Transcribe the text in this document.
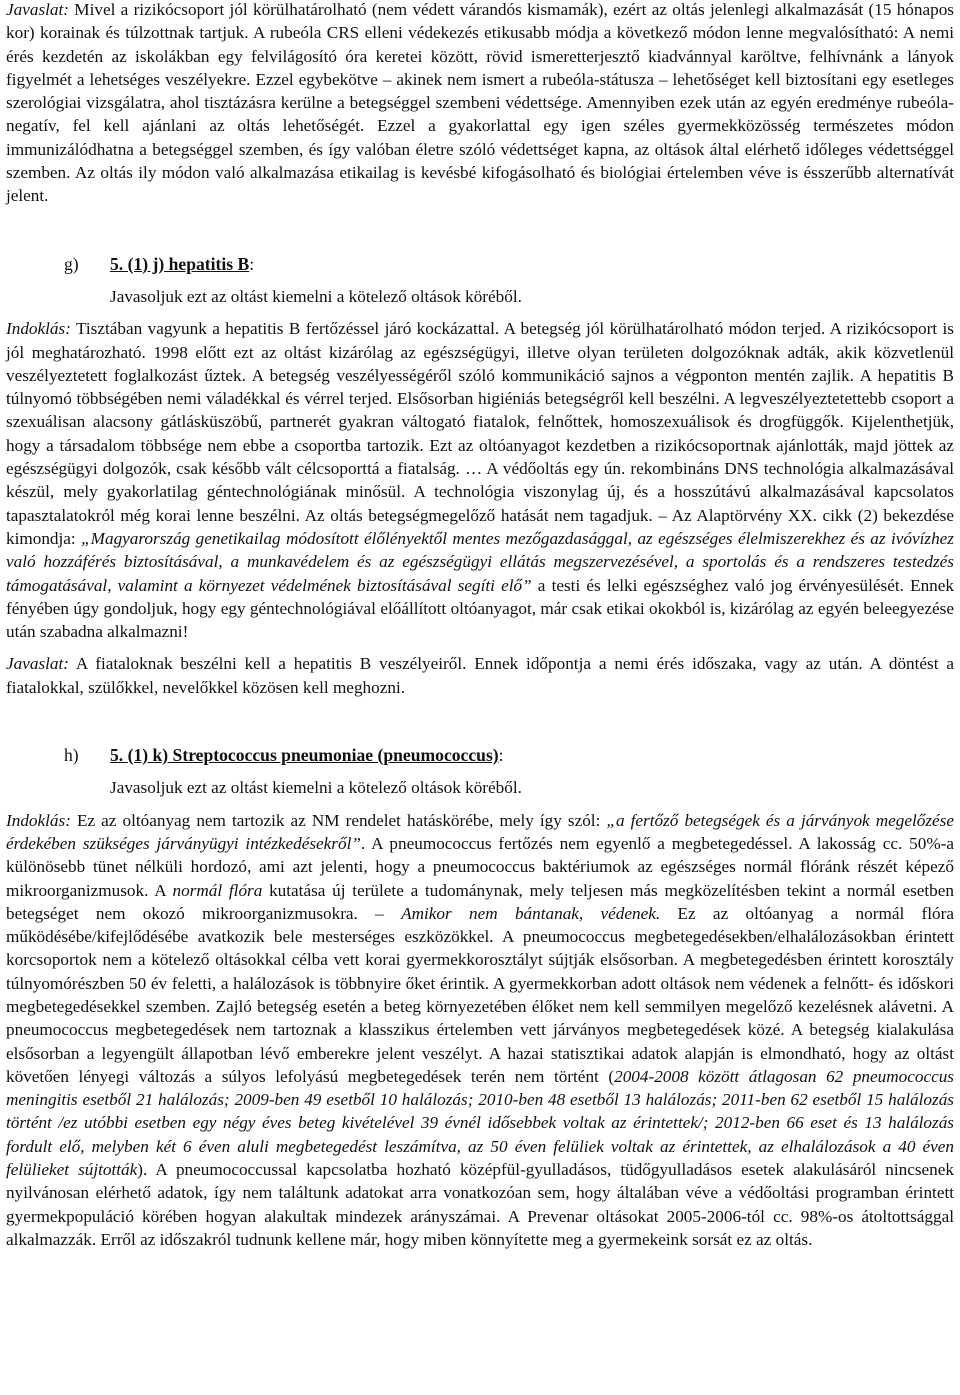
Javaslat: Mivel a rizikócsoport jól körülhatárolható (nem védett várandós kismamák), ezért az oltás jelenlegi alkalmazását (15 hónapos kor) korainak és túlzottnak tartjuk. A rubeóla CRS elleni védekezés etikusabb módja a következő módon lenne megvalósítható: A nemi érés kezdetén az iskolákban egy felvilágosító óra keretei között, rövid ismeretterjesztő kiadvánnyal karöltve, felhívnánk a lányok figyelmét a lehetséges veszélyekre. Ezzel egybekötve – akinek nem ismert a rubeóla-státusza – lehetőséget kell biztosítani egy esetleges szerológiai vizsgálatra, ahol tisztázásra kerülne a betegséggel szembeni védettsége. Amennyiben ezek után az egyén eredménye rubeóla-negatív, fel kell ajánlani az oltás lehetőségét. Ezzel a gyakorlattal egy igen széles gyermekközösség természetes módon immunizálódhatna a betegséggel szemben, és így valóban életre szóló védettséget kapna, az oltások által elérhető időleges védettséggel szemben. Az oltás ily módon való alkalmazása etikailag is kevésbé kifogásolható és biológiai értelemben véve is ésszerűbb alternatívát jelent.

g) 5. (1) j) hepatitis B:

Javasoljuk ezt az oltást kiemelni a kötelező oltások köréből.

Indoklás: Tisztában vagyunk a hepatitis B fertőzéssel járó kockázattal. A betegség jól körülhatárolható módon terjed. A rizikócsoport is jól meghatározható. 1998 előtt ezt az oltást kizárólag az egészségügyi, illetve olyan területen dolgozóknak adták, akik közvetlenül veszélyeztetett foglalkozást űztek. A betegség veszélyességéről szóló kommunikáció sajnos a végponton mentén zajlik. A hepatitis B túlnyomó többségében nemi váladékkal és vérrel terjed. Elsősorban higiéniás betegségről kell beszélni. A legveszélyeztetettebb csoport a szexuálisan alacsony gátlásküszöbű, partnerét gyakran váltogató fiatalok, felnőttek, homoszexuálisok és drogfüggők. Kijelenthetjük, hogy a társadalom többsége nem ebbe a csoportba tartozik. Ezt az oltóanyagot kezdetben a rizikócsoportnak ajánlották, majd jöttek az egészségügyi dolgozók, csak később vált célcsoporttá a fiatalság. … A védőoltás egy ún. rekombináns DNS technológia alkalmazásával készül, mely gyakorlatilag géntechnológiának minősül. A technológia viszonylag új, és a hosszútávú alkalmazásával kapcsolatos tapasztalatokról még korai lenne beszélni. Az oltás betegségmegelőző hatását nem tagadjuk. – Az Alaptörvény XX. cikk (2) bekezdése kimondja: „Magyarország genetikailag módosított élőlényektől mentes mezőgazdasággal, az egészséges élelmiszerekhez és az ivóvízhez való hozzáférés biztosításával, a munkavédelem és az egészségügyi ellátás megszervezésével, a sportolás és a rendszeres testedzés támogatásával, valamint a környezet védelmének biztosításával segíti elő” a testi és lelki egészséghez való jog érvényesülését. Ennek fényében úgy gondoljuk, hogy egy géntechnológiával előállított oltóanyagot, már csak etikai okokból is, kizárólag az egyén beleegyezése után szabadna alkalmazni!

Javaslat: A fiataloknak beszélni kell a hepatitis B veszélyeiről. Ennek időpontja a nemi érés időszaka, vagy az után. A döntést a fiatalokkal, szülőkkel, nevelőkkel közösen kell meghozni.

h) 5. (1) k) Streptococcus pneumoniae (pneumococcus):

Javasoljuk ezt az oltást kiemelni a kötelező oltások köréből.

Indoklás: Ez az oltóanyag nem tartozik az NM rendelet hatáskörébe, mely így szól: „a fertőző betegségek és a járványok megelőzése érdekében szükséges járványügyi intézkedésekről”. A pneumococcus fertőzés nem egyenlő a megbetegedéssel. A lakosság cc. 50%-a különösebb tünet nélküli hordozó, ami azt jelenti, hogy a pneumococcus baktériumok az egészséges normál flóránk részét képező mikroorganizmusok. A normál flóra kutatása új területe a tudománynak, mely teljesen más megközelítésben tekint a normál esetben betegséget nem okozó mikroorganizmusokra. – Amikor nem bántanak, védenek. Ez az oltóanyag a normál flóra működésébe/kifejlődésébe avatkozik bele mesterséges eszközökkel. A pneumococcus megbetegedésekben/elhalálozásokban érintett korcsoportok nem a kötelező oltásokkal célba vett korai gyermekkorosztályt sújtják elsősorban. A megbetegedésben érintett korosztály túlnyomórészben 50 év feletti, a halálozások is többnyire őket érintik. A gyermekkorban adott oltások nem védenek a felnőtt- és időskori megbetegedésekkel szemben. Zajló betegség esetén a beteg környezetében élőket nem kell semmilyen megelőző kezelésnek alávetni. A pneumococcus megbetegedések nem tartoznak a klasszikus értelemben vett járványos megbetegedések közé. A betegség kialakulása elsősorban a legyengült állapotban lévő emberekre jelent veszélyt. A hazai statisztikai adatok alapján is elmondható, hogy az oltást követően lényegi változás a súlyos lefolyású megbetegedések terén nem történt (2004-2008 között átlagosan 62 pneumococcus meningitis esetből 21 halálozás; 2009-ben 49 esetből 10 halálozás; 2010-ben 48 esetből 13 halálozás; 2011-ben 62 esetből 15 halálozás történt /ez utóbbi esetben egy négy éves beteg kivételével 39 évnél idősebbek voltak az érintettek/; 2012-ben 66 eset és 13 halálozás fordult elő, melyben két 6 éven aluli megbetegedést leszámítva, az 50 éven felüliek voltak az érintettek, az elhalálozások a 40 éven felülieket sújtották). A pneumococcussal kapcsolatba hozható középfül-gyulladásos, tüdőgyulladásos esetek alakulásáról nincsenek nyilvánosan elérhető adatok, így nem találtunk adatokat arra vonatkozóan sem, hogy általában véve a védőoltási programban érintett gyermekpopuláció körében hogyan alakultak mindezek arányszámai. A Prevenar oltásokat 2005-2006-tól cc. 98%-os átoltottsággal alkalmazzák. Erről az időszakról tudnunk kellene már, hogy miben könnyítette meg a gyermekeink sorsát ez az oltás.
